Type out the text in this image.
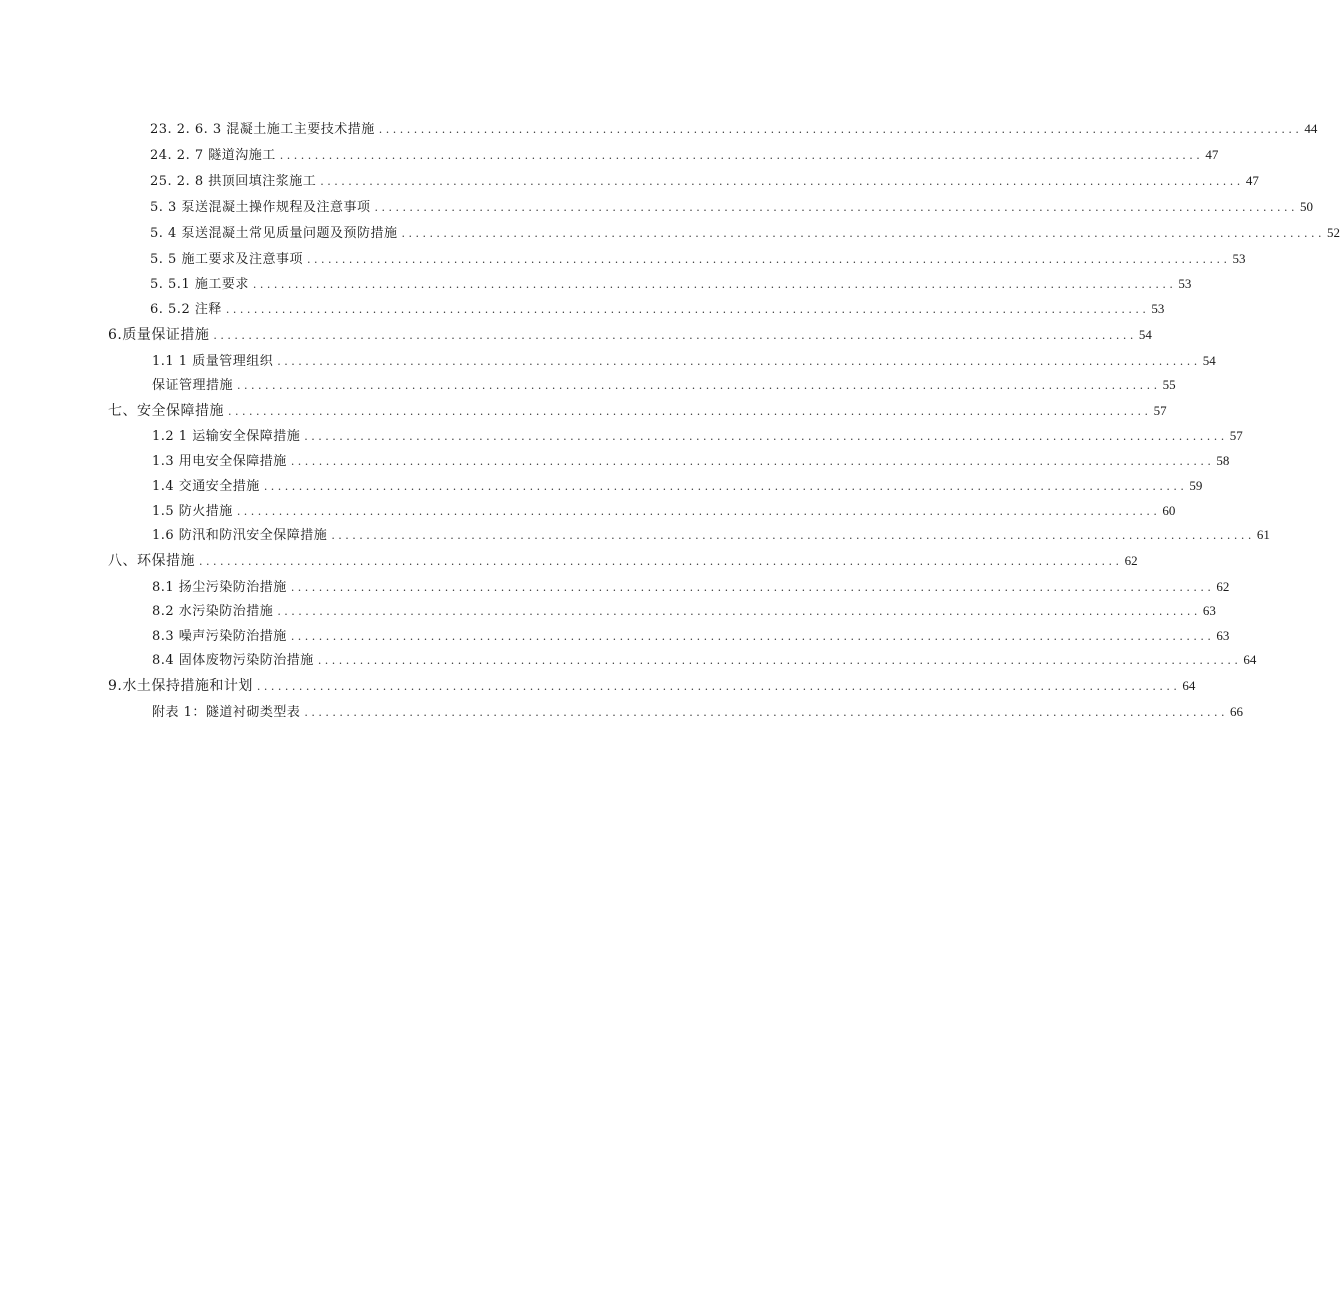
23. 2. 6. 3 混凝土施工主要技术措施 .................................................................................................................................... 44
24. 2. 7 隧道沟施工 .................................................................................................................................... 47
25. 2. 8 拱顶回填注浆施工 .................................................................................................................................... 47
5. 3 泵送混凝土操作规程及注意事项 .................................................................................................................................... 50
5. 4 泵送混凝土常见质量问题及预防措施 .................................................................................................................................... 52
5. 5 施工要求及注意事项 .................................................................................................................................... 53
5. 5.1 施工要求 .................................................................................................................................... 53
6. 5.2 注释 .................................................................................................................................... 53
6.质量保证措施 .................................................................................................................................... 54
1.1 1 质量管理组织 .................................................................................................................................... 54
保证管理措施 .................................................................................................................................... 55
七、安全保障措施 .................................................................................................................................... 57
1.2 1 运输安全保障措施 .................................................................................................................................... 57
1.3 用电安全保障措施 .................................................................................................................................... 58
1.4 交通安全措施 .................................................................................................................................... 59
1.5 防火措施 .................................................................................................................................... 60
1.6 防汛和防汛安全保障措施 .................................................................................................................................... 61
八、环保措施 .................................................................................................................................... 62
8.1 扬尘污染防治措施 .................................................................................................................................... 62
8.2 水污染防治措施 .................................................................................................................................... 63
8.3 噪声污染防治措施 .................................................................................................................................... 63
8.4 固体废物污染防治措施 .................................................................................................................................... 64
9.水土保持措施和计划 .................................................................................................................................... 64
附表 1：隧道衬砌类型表 .................................................................................................................................... 66
